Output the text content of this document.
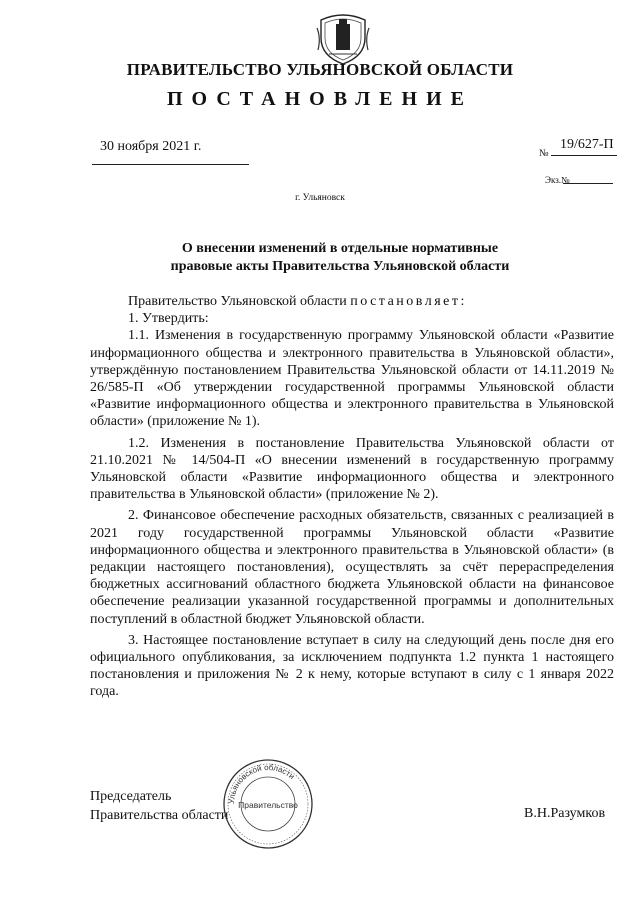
ПРАВИТЕЛЬСТВО УЛЬЯНОВСКОЙ ОБЛАСТИ
ПОСТАНОВЛЕНИЕ
30 ноября 2021 г.	№
19/627-П
Экз.№
г. Ульяновск
О внесении изменений в отдельные нормативные
правовые акты Правительства Ульяновской области

Правительство Ульяновской области постановляет:

1. Утвердить:

1.1. Изменения в государственную программу Ульяновской области «Развитие информационного общества и электронного правительства в Ульяновской области», утверждённую постановлением Правительства Ульяновской области от 14.11.2019 № 26/585-П «Об утверждении государственной программы Ульяновской области «Развитие информационного общества и электронного правительства в Ульяновской области» (приложение № 1).

1.2. Изменения в постановление Правительства Ульяновской области от 21.10.2021 № 14/504-П «О внесении изменений в государственную программу Ульяновской области «Развитие информационного общества и электронного правительства в Ульяновской области» (приложение № 2).

2. Финансовое обеспечение расходных обязательств, связанных с реализацией в 2021 году государственной программы Ульяновской области «Развитие информационного общества и электронного правительства в Ульяновской области» (в редакции настоящего постановления), осуществлять за счёт перераспределения бюджетных ассигнований областного бюджета Ульяновской области на финансовое обеспечение реализации указанной государственной программы и дополнительных поступлений в областной бюджет Ульяновской области.

3. Настоящее постановление вступает в силу на следующий день после дня его официального опубликования, за исключением подпункта 1.2 пункта 1 настоящего постановления и приложения № 2 к нему, которые вступают в силу с 1 января 2022 года.

Председатель
Правительства области	В.Н.Разумков
Ульяновской области
Правительство
